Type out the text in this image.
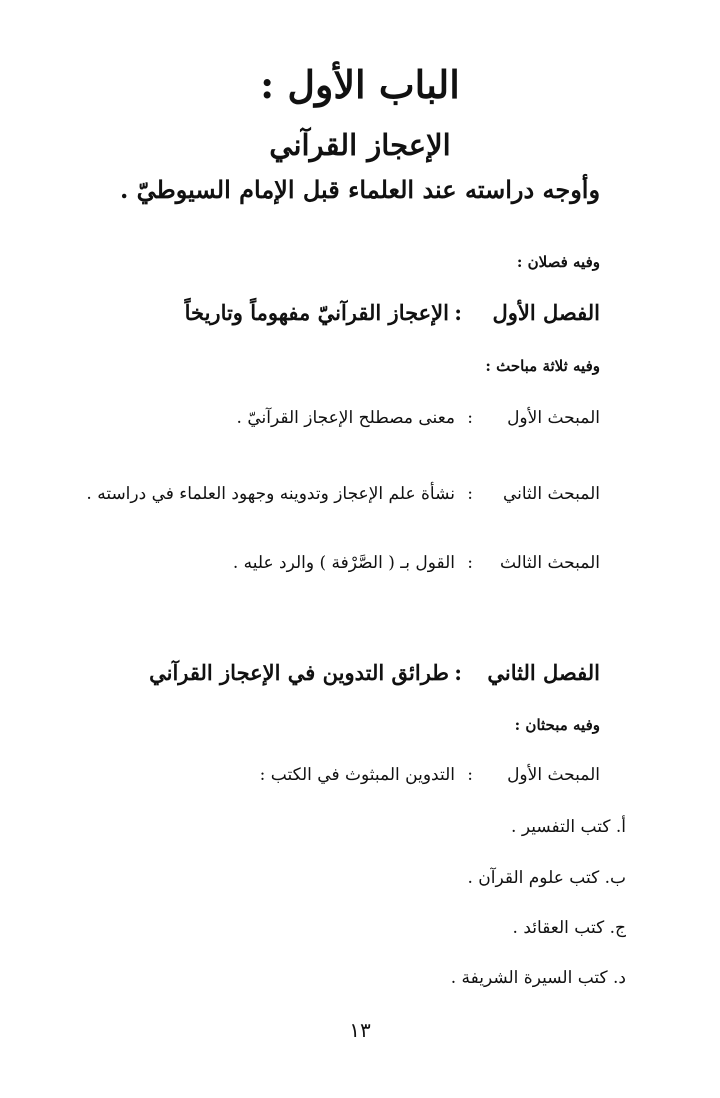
الباب الأول :
الإعجاز القرآني
وأوجه دراسته عند العلماء قبل الإمام السيوطيّ .
وفيه فصلان :
الفصل الأول
:
الإعجاز القرآنيّ مفهوماً وتاريخاً
وفيه ثلاثة مباحث :
المبحث الأول
:
معنى مصطلح الإعجاز القرآنيّ .
المبحث الثاني
:
نشأة علم الإعجاز وتدوينه وجهود العلماء في دراسته .
المبحث الثالث
:
القول بـ ( الصَّرْفة ) والرد عليه .
الفصل الثاني
:
طرائق التدوين في الإعجاز القرآني
وفيه مبحثان :
المبحث الأول
:
التدوين المبثوث في الكتب :
أ. كتب التفسير .
ب. كتب علوم القرآن .
ج. كتب العقائد .
د. كتب السيرة الشريفة .
١٣
